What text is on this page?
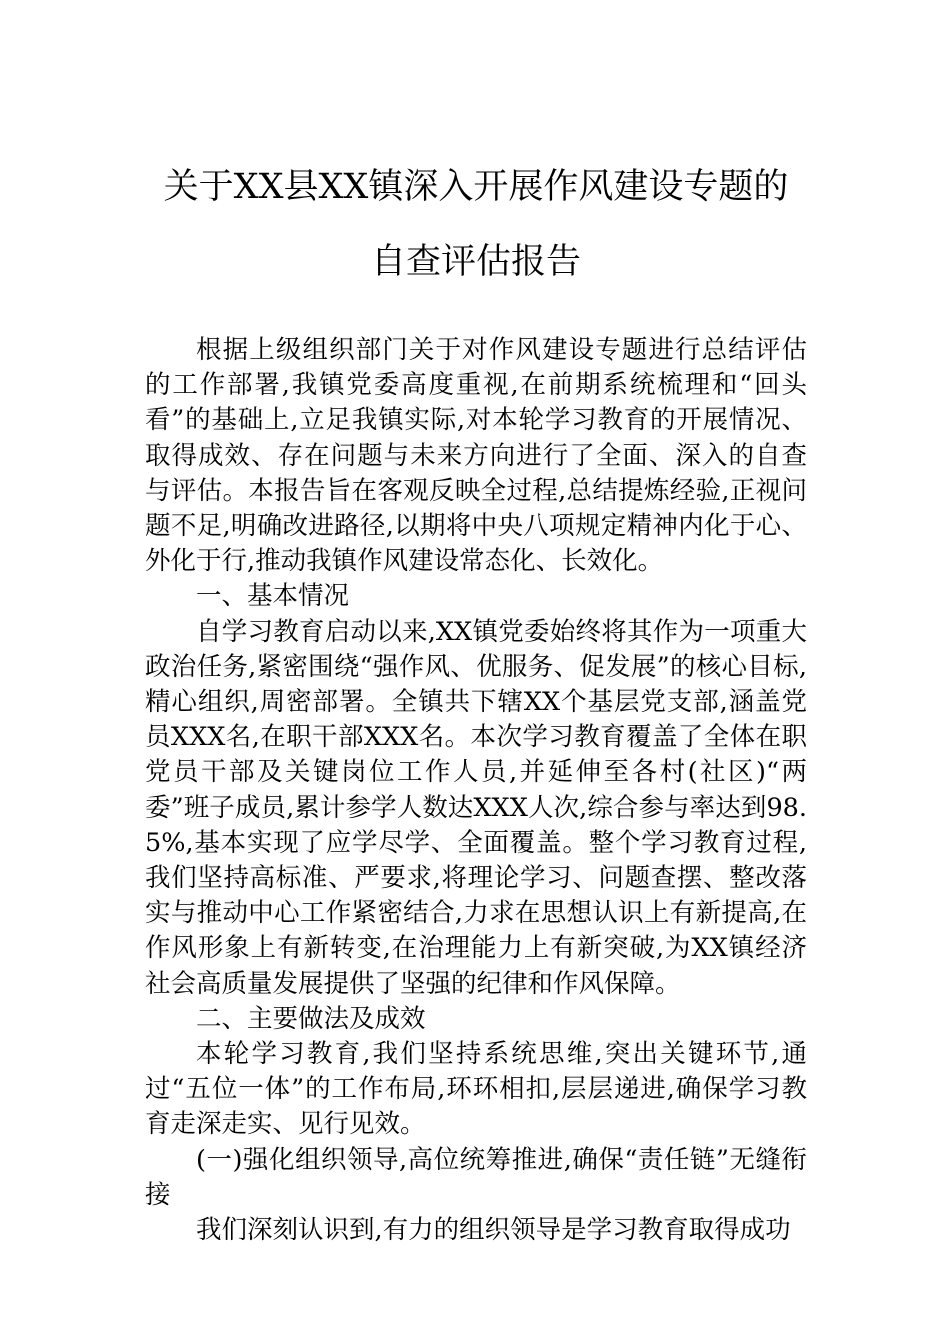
关于XX县XX镇深入开展作风建设专题的
自查评估报告

根据上级组织部门关于对作风建设专题进行总结评估的工作部署,我镇党委高度重视,在前期系统梳理和“回头看”的基础上,立足我镇实际,对本轮学习教育的开展情况、取得成效、存在问题与未来方向进行了全面、深入的自查与评估。本报告旨在客观反映全过程,总结提炼经验,正视问题不足,明确改进路径,以期将中央八项规定精神内化于心、外化于行,推动我镇作风建设常态化、长效化。

一、基本情况

自学习教育启动以来,XX镇党委始终将其作为一项重大政治任务,紧密围绕“强作风、优服务、促发展”的核心目标,精心组织,周密部署。全镇共下辖XX个基层党支部,涵盖党员XXX名,在职干部XXX名。本次学习教育覆盖了全体在职党员干部及关键岗位工作人员,并延伸至各村(社区)“两委”班子成员,累计参学人数达XXX人次,综合参与率达到98.5%,基本实现了应学尽学、全面覆盖。整个学习教育过程,我们坚持高标准、严要求,将理论学习、问题查摆、整改落实与推动中心工作紧密结合,力求在思想认识上有新提高,在作风形象上有新转变,在治理能力上有新突破,为XX镇经济社会高质量发展提供了坚强的纪律和作风保障。

二、主要做法及成效

本轮学习教育,我们坚持系统思维,突出关键环节,通过“五位一体”的工作布局,环环相扣,层层递进,确保学习教育走深走实、见行见效。

(一)强化组织领导,高位统筹推进,确保“责任链”无缝衔接

我们深刻认识到,有力的组织领导是学习教育取得成功
